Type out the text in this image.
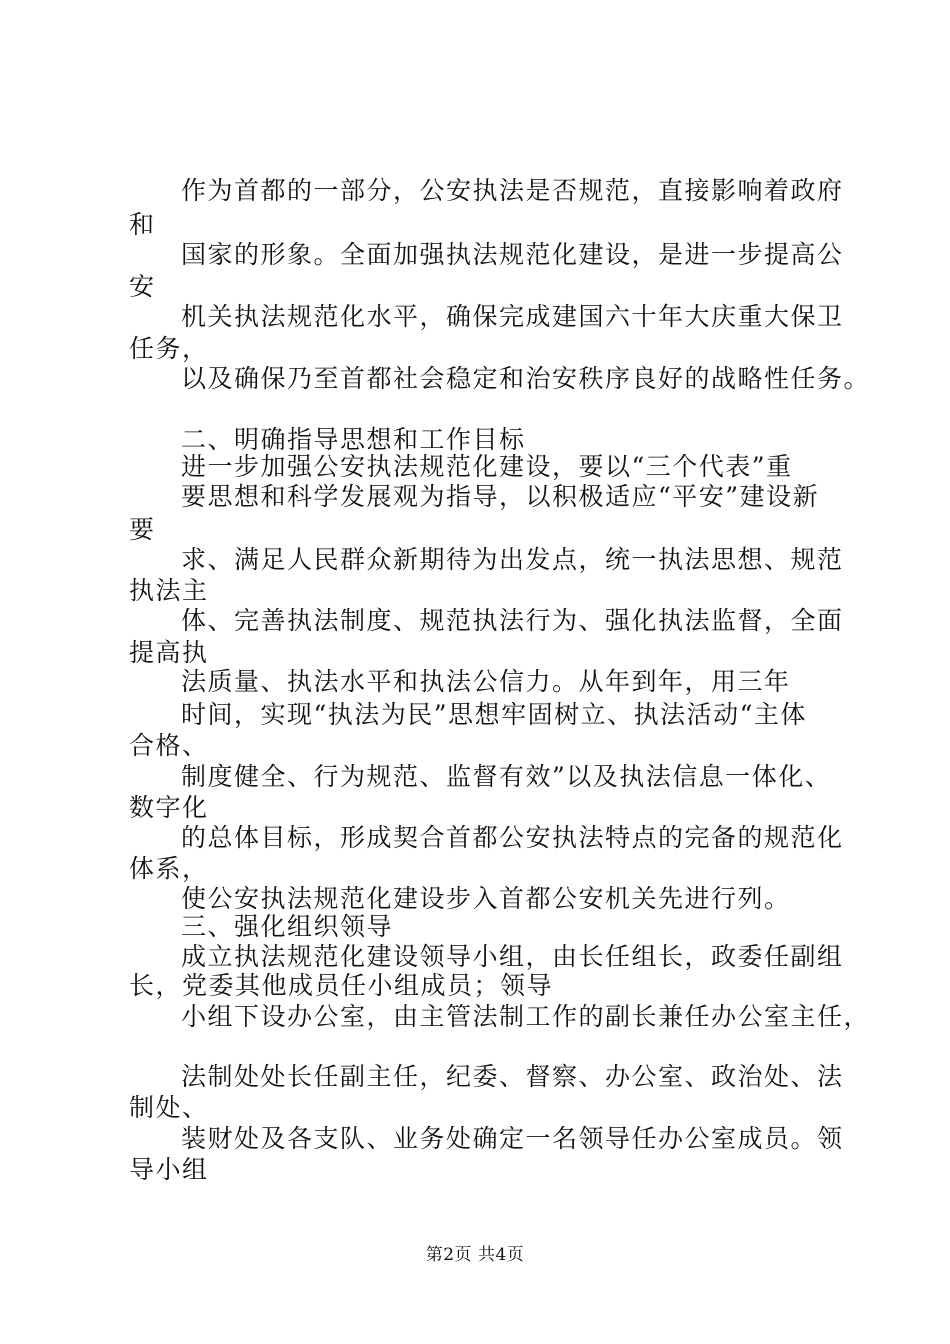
作为首都的一部分，公安执法是否规范，直接影响着政府
和
国家的形象。全面加强执法规范化建设，是进一步提高公
安
机关执法规范化水平，确保完成建国六十年大庆重大保卫
任务，
以及确保乃至首都社会稳定和治安秩序良好的战略性任务。
二、明确指导思想和工作目标
进一步加强公安执法规范化建设，要以“三个代表”重
要思想和科学发展观为指导，以积极适应“平安”建设新
要
求、满足人民群众新期待为出发点，统一执法思想、规范
执法主
体、完善执法制度、规范执法行为、强化执法监督，全面
提高执
法质量、执法水平和执法公信力。从年到年，用三年
时间，实现“执法为民”思想牢固树立、执法活动“主体
合格、
制度健全、行为规范、监督有效”以及执法信息一体化、
数字化
的总体目标，形成契合首都公安执法特点的完备的规范化
体系，
使公安执法规范化建设步入首都公安机关先进行列。
三、强化组织领导
成立执法规范化建设领导小组，由长任组长，政委任副组
长，党委其他成员任小组成员；领导
小组下设办公室，由主管法制工作的副长兼任办公室主任，
法制处处长任副主任，纪委、督察、办公室、政治处、法
制处、
装财处及各支队、业务处确定一名领导任办公室成员。领
导小组
第2页 共4页
